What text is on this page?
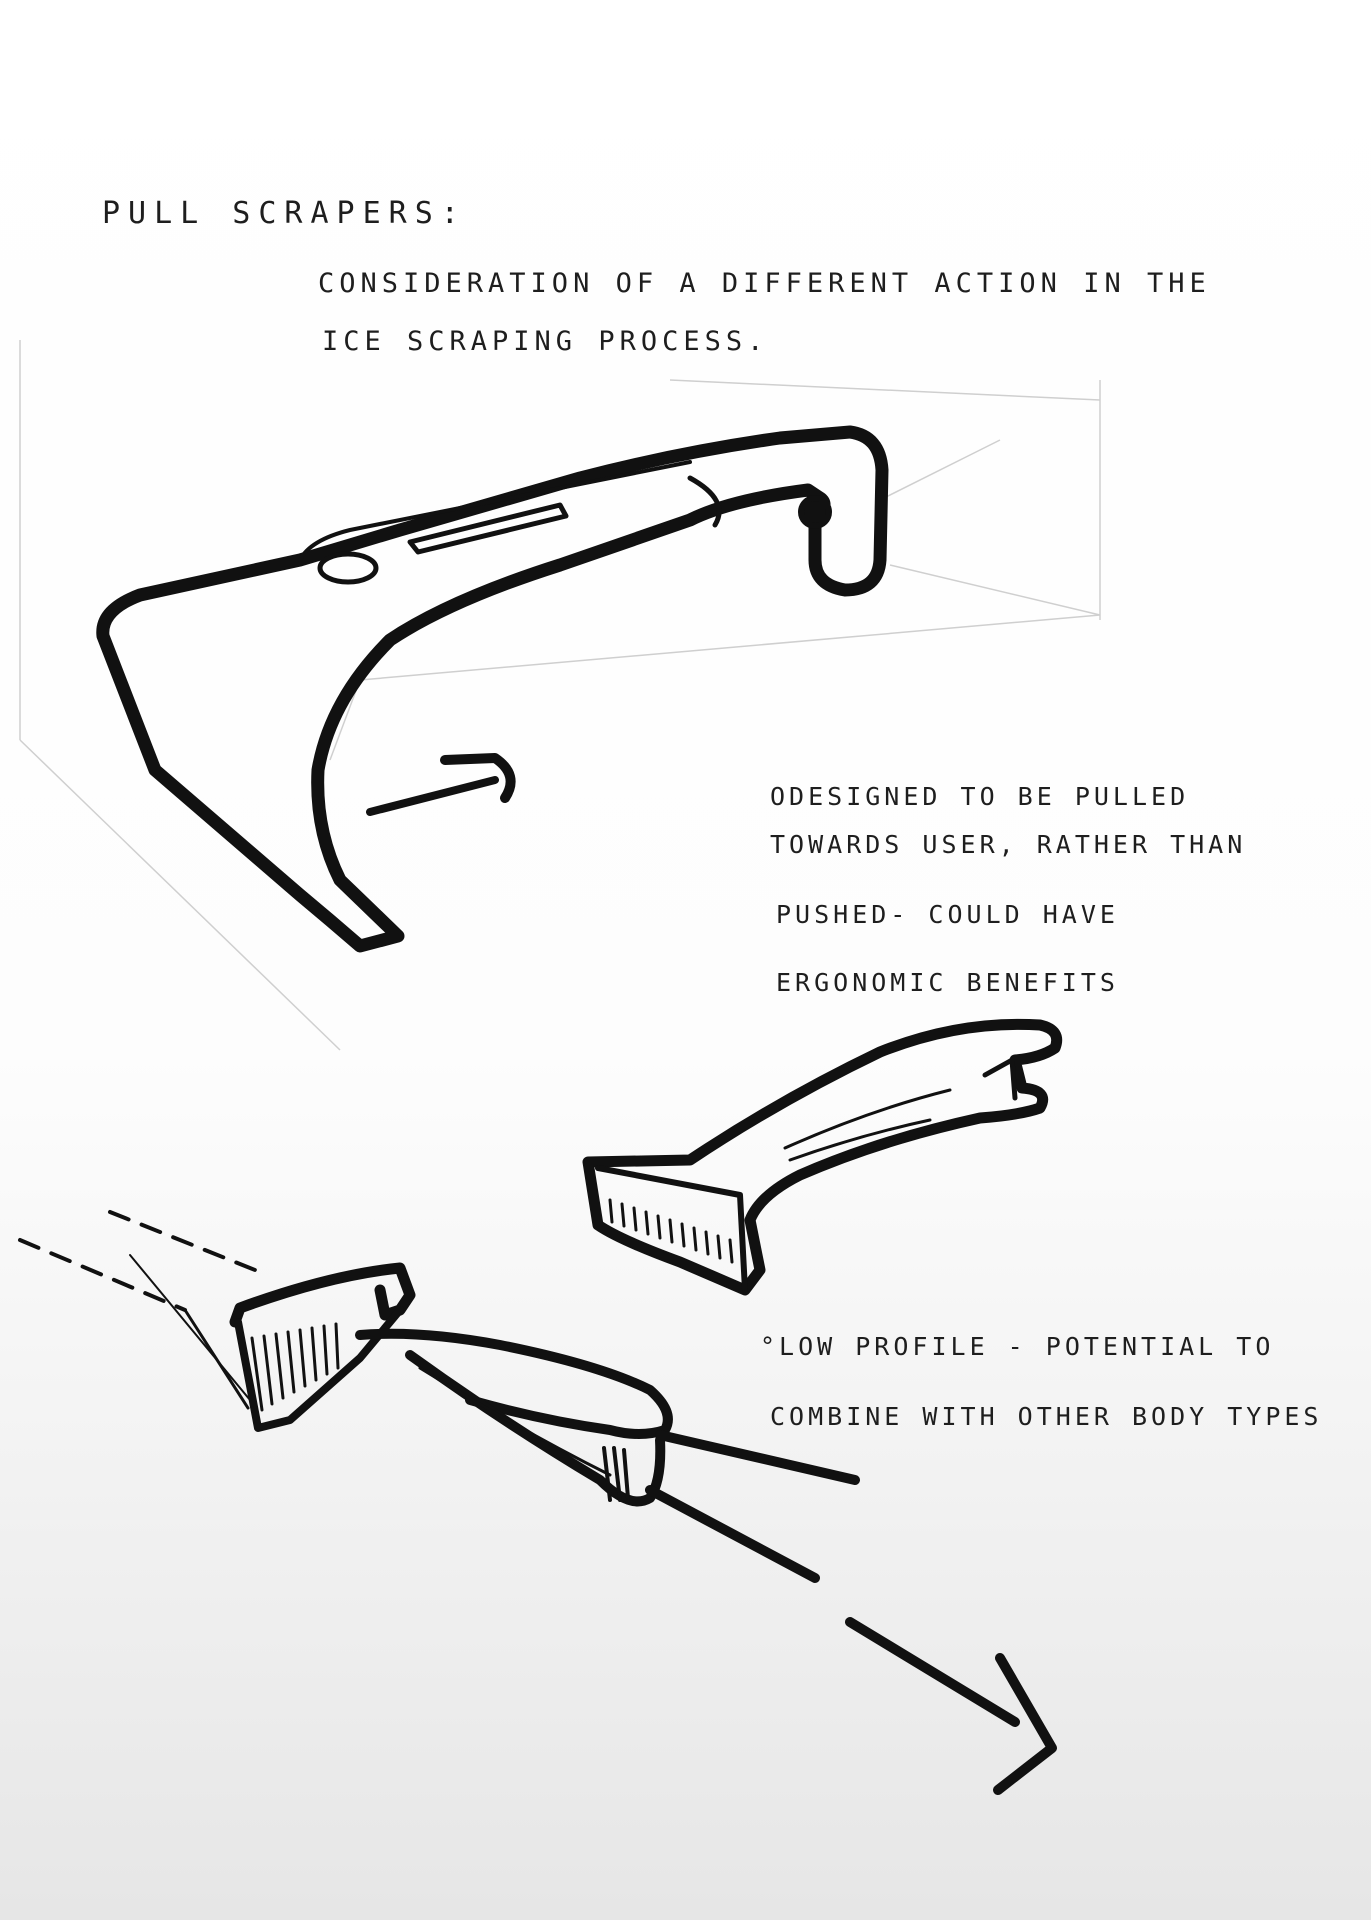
PULL SCRAPERS:
CONSIDERATION OF A DIFFERENT ACTION IN THE
ICE SCRAPING PROCESS.
ODESIGNED TO BE PULLED
TOWARDS USER, RATHER THAN
PUSHED- COULD HAVE
ERGONOMIC BENEFITS
°LOW PROFILE - POTENTIAL TO
COMBINE WITH OTHER BODY TYPES
